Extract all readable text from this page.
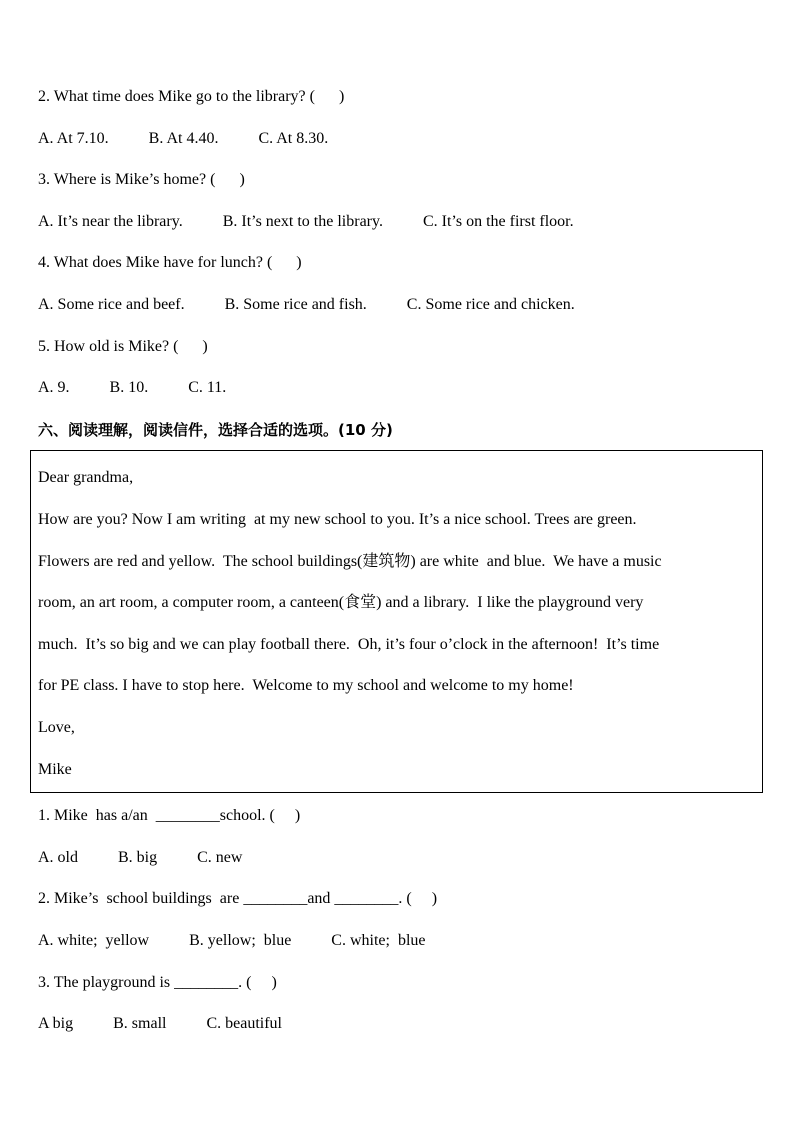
2. What time does Mike go to the library? (      )

A. At 7.10.          B. At 4.40.          C. At 8.30.

3. Where is Mike’s home? (      )

A. It’s near the library.          B. It’s next to the library.          C. It’s on the first floor.

4. What does Mike have for lunch? (      )

A. Some rice and beef.          B. Some rice and fish.          C. Some rice and chicken.

5. How old is Mike? (      )

A. 9.          B. 10.          C. 11.

六、阅读理解，阅读信件，选择合适的选项。(10 分)

Dear grandma,

How are you? Now I am writing  at my new school to you. It’s a nice school. Trees are green.

Flowers are red and yellow.  The school buildings(建筑物) are white  and blue.  We have a music

room, an art room, a computer room, a canteen(食堂) and a library.  I like the playground very

much.  It’s so big and we can play football there.  Oh, it’s four o’clock in the afternoon!  It’s time

for PE class. I have to stop here.  Welcome to my school and welcome to my home!

Love,

Mike

1. Mike  has a/an  ________school. (     )

A. old          B. big          C. new

2. Mike’s  school buildings  are ________and ________. (     )

A. white;  yellow          B. yellow;  blue          C. white;  blue

3. The playground is ________. (     )

A big          B. small          C. beautiful
